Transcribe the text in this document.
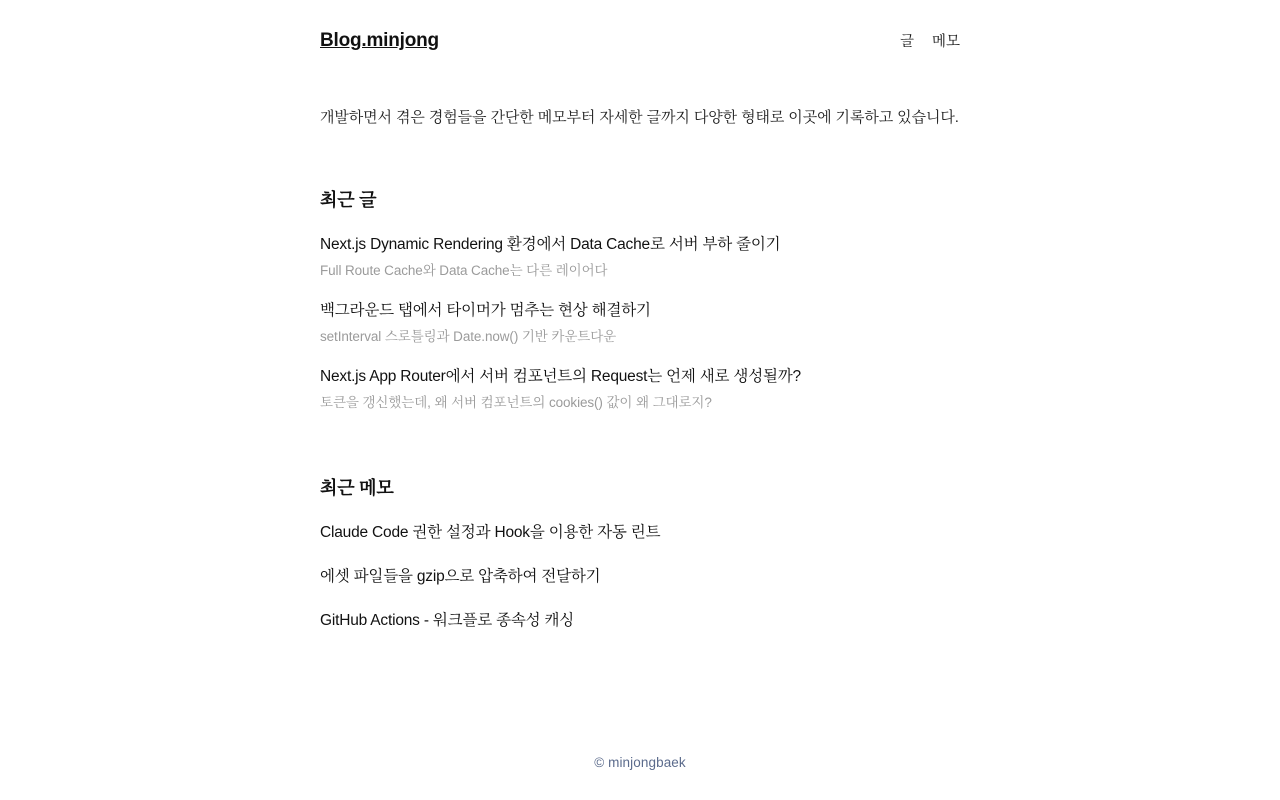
Blog.minjong	글 메모

개발하면서 겪은 경험들을 간단한 메모부터 자세한 글까지 다양한 형태로 이곳에 기록하고 있습니다.

최근 글
Next.js Dynamic Rendering 환경에서 Data Cache로 서버 부하 줄이기
Full Route Cache와 Data Cache는 다른 레이어다
백그라운드 탭에서 타이머가 멈추는 현상 해결하기
setInterval 스로틀링과 Date.now() 기반 카운트다운
Next.js App Router에서 서버 컴포넌트의 Request는 언제 새로 생성될까?
토큰을 갱신했는데, 왜 서버 컴포넌트의 cookies() 값이 왜 그대로지?
최근 메모
Claude Code 권한 설정과 Hook을 이용한 자동 린트
에셋 파일들을 gzip으로 압축하여 전달하기
GitHub Actions - 워크플로 종속성 캐싱
© minjongbaek
